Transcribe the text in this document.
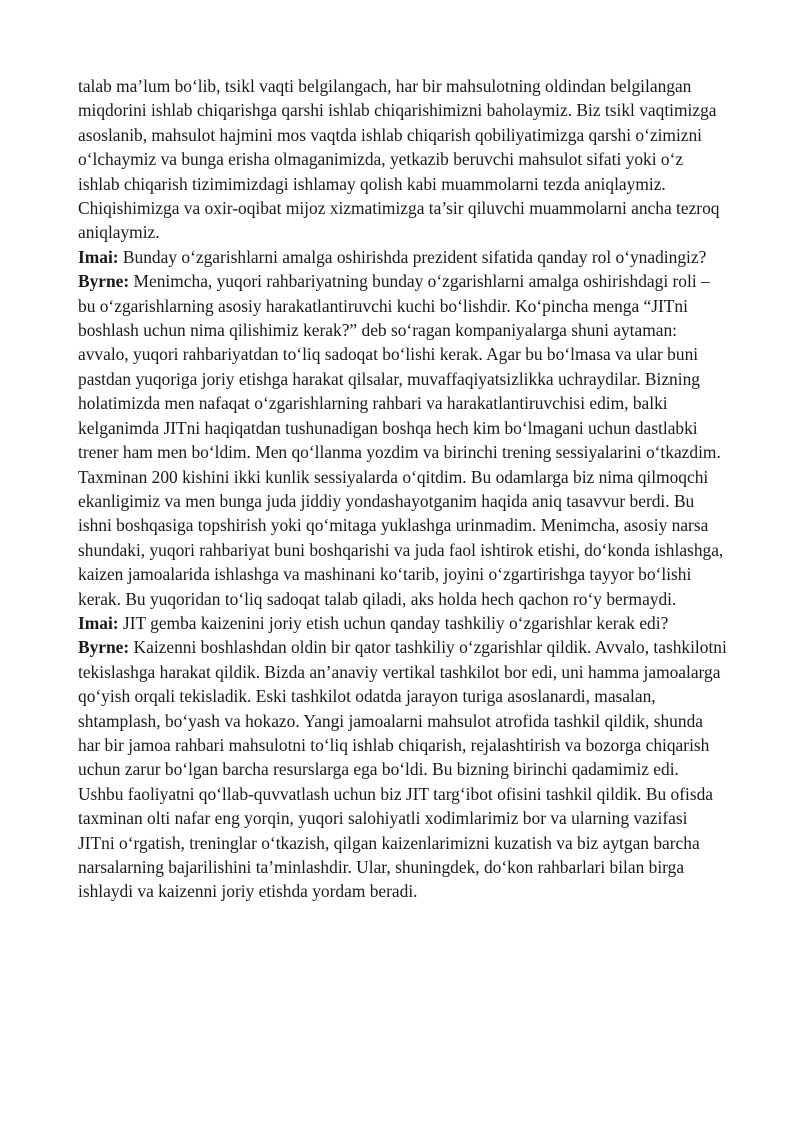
talab ma’lum bo‘lib, tsikl vaqti belgilangach, har bir mahsulotning oldindan belgilangan miqdorini ishlab chiqarishga qarshi ishlab chiqarishimizni baholaymiz. Biz tsikl vaqtimizga asoslanib, mahsulot hajmini mos vaqtda ishlab chiqarish qobiliyatimizga qarshi o‘zimizni o‘lchaymiz va bunga erisha olmaganimizda, yetkazib beruvchi mahsulot sifati yoki o‘z ishlab chiqarish tizimimizdagi ishlamay qolish kabi muammolarni tezda aniqlaymiz. Chiqishimizga va oxir-oqibat mijoz xizmatimizga ta’sir qiluvchi muammolarni ancha tezroq aniqlaymiz.

Imai: Bunday o‘zgarishlarni amalga oshirishda prezident sifatida qanday rol o‘ynadingiz?

Byrne: Menimcha, yuqori rahbariyatning bunday o‘zgarishlarni amalga oshirishdagi roli – bu o‘zgarishlarning asosiy harakatlantiruvchi kuchi bo‘lishdir. Ko‘pincha menga “JITni boshlash uchun nima qilishimiz kerak?” deb so‘ragan kompaniyalarga shuni aytaman: avvalo, yuqori rahbariyatdan to‘liq sadoqat bo‘lishi kerak. Agar bu bo‘lmasa va ular buni pastdan yuqoriga joriy etishga harakat qilsalar, muvaffaqiyatsizlikka uchraydilar. Bizning holatimizda men nafaqat o‘zgarishlarning rahbari va harakatlantiruvchisi edim, balki kelganimda JITni haqiqatdan tushunadigan boshqa hech kim bo‘lmagani uchun dastlabki trener ham men bo‘ldim. Men qo‘llanma yozdim va birinchi trening sessiyalarini o‘tkazdim. Taxminan 200 kishini ikki kunlik sessiyalarda o‘qitdim. Bu odamlarga biz nima qilmoqchi ekanligimiz va men bunga juda jiddiy yondashayotganim haqida aniq tasavvur berdi. Bu ishni boshqasiga topshirish yoki qo‘mitaga yuklashga urinmadim. Menimcha, asosiy narsa shundaki, yuqori rahbariyat buni boshqarishi va juda faol ishtirok etishi, do‘konda ishlashga, kaizen jamoalarida ishlashga va mashinani ko‘tarib, joyini o‘zgartirishga tayyor bo‘lishi kerak. Bu yuqoridan to‘liq sadoqat talab qiladi, aks holda hech qachon ro‘y bermaydi.

Imai: JIT gemba kaizenini joriy etish uchun qanday tashkiliy o‘zgarishlar kerak edi?

Byrne: Kaizenni boshlashdan oldin bir qator tashkiliy o‘zgarishlar qildik. Avvalo, tashkilotni tekislashga harakat qildik. Bizda an’anaviy vertikal tashkilot bor edi, uni hamma jamoalarga qo‘yish orqali tekisladik. Eski tashkilot odatda jarayon turiga asoslanardi, masalan, shtamplash, bo‘yash va hokazo. Yangi jamoalarni mahsulot atrofida tashkil qildik, shunda har bir jamoa rahbari mahsulotni to‘liq ishlab chiqarish, rejalashtirish va bozorga chiqarish uchun zarur bo‘lgan barcha resurslarga ega bo‘ldi. Bu bizning birinchi qadamimiz edi. Ushbu faoliyatni qo‘llab-quvvatlash uchun biz JIT targ‘ibot ofisini tashkil qildik. Bu ofisda taxminan olti nafar eng yorqin, yuqori salohiyatli xodimlarimiz bor va ularning vazifasi JITni o‘rgatish, treninglar o‘tkazish, qilgan kaizenlarimizni kuzatish va biz aytgan barcha narsalarning bajarilishini ta’minlashdir. Ular, shuningdek, do‘kon rahbarlari bilan birga ishlaydi va kaizenni joriy etishda yordam beradi.
